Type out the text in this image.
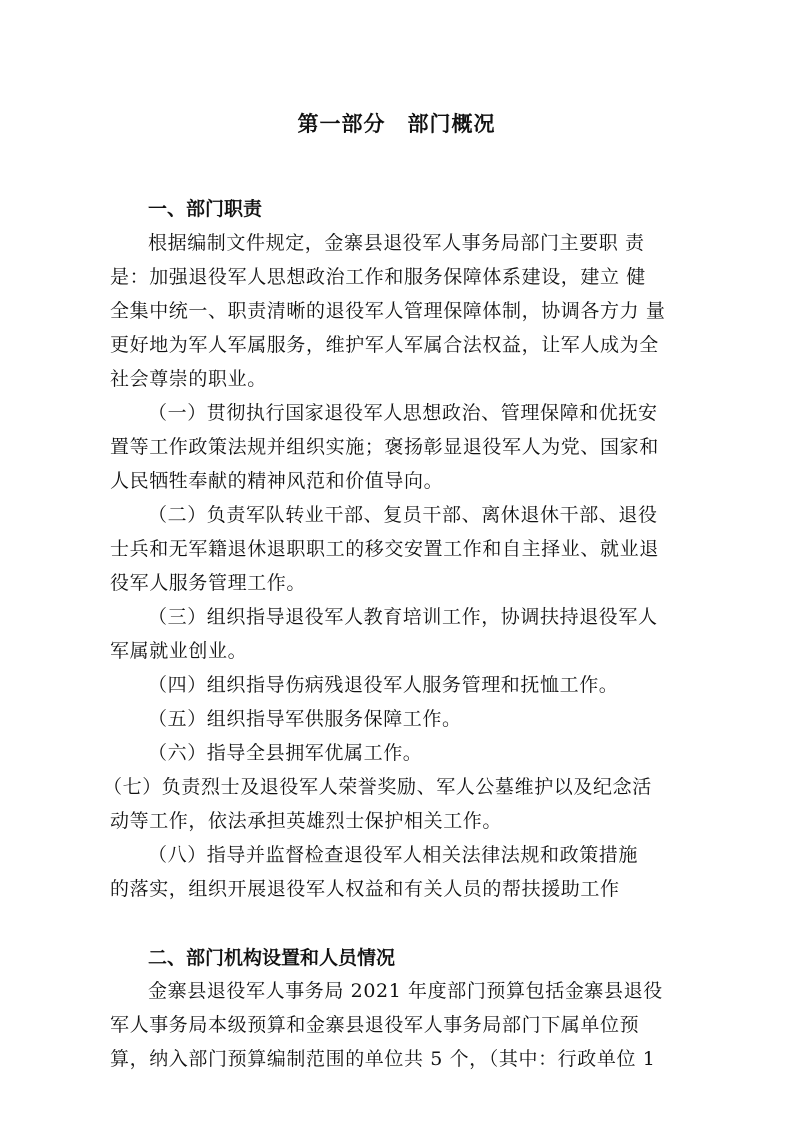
第一部分　部门概况
一、部门职责
根据编制文件规定，金寨县退役军人事务局部门主要职 责
是：加强退役军人思想政治工作和服务保障体系建设，建立 健
全集中统一、职责清晰的退役军人管理保障体制，协调各方力 量
更好地为军人军属服务，维护军人军属合法权益，让军人成为全
社会尊崇的职业。
（一）贯彻执行国家退役军人思想政治、管理保障和优抚安
置等工作政策法规并组织实施；褒扬彰显退役军人为党、国家和
人民牺牲奉献的精神风范和价值导向。
（二）负责军队转业干部、复员干部、离休退休干部、退役
士兵和无军籍退休退职职工的移交安置工作和自主择业、就业退
役军人服务管理工作。
（三）组织指导退役军人教育培训工作，协调扶持退役军人
军属就业创业。
（四）组织指导伤病残退役军人服务管理和抚恤工作。
（五）组织指导军供服务保障工作。
（六）指导全县拥军优属工作。
（七）负责烈士及退役军人荣誉奖励、军人公墓维护以及纪念活
动等工作，依法承担英雄烈士保护相关工作。
（八）指导并监督检查退役军人相关法律法规和政策措施
的落实，组织开展退役军人权益和有关人员的帮扶援助工作
二、部门机构设置和人员情况
金寨县退役军人事务局 2021 年度部门预算包括金寨县退役
军人事务局本级预算和金寨县退役军人事务局部门下属单位预
算，纳入部门预算编制范围的单位共 5 个，（其中：行政单位 1
